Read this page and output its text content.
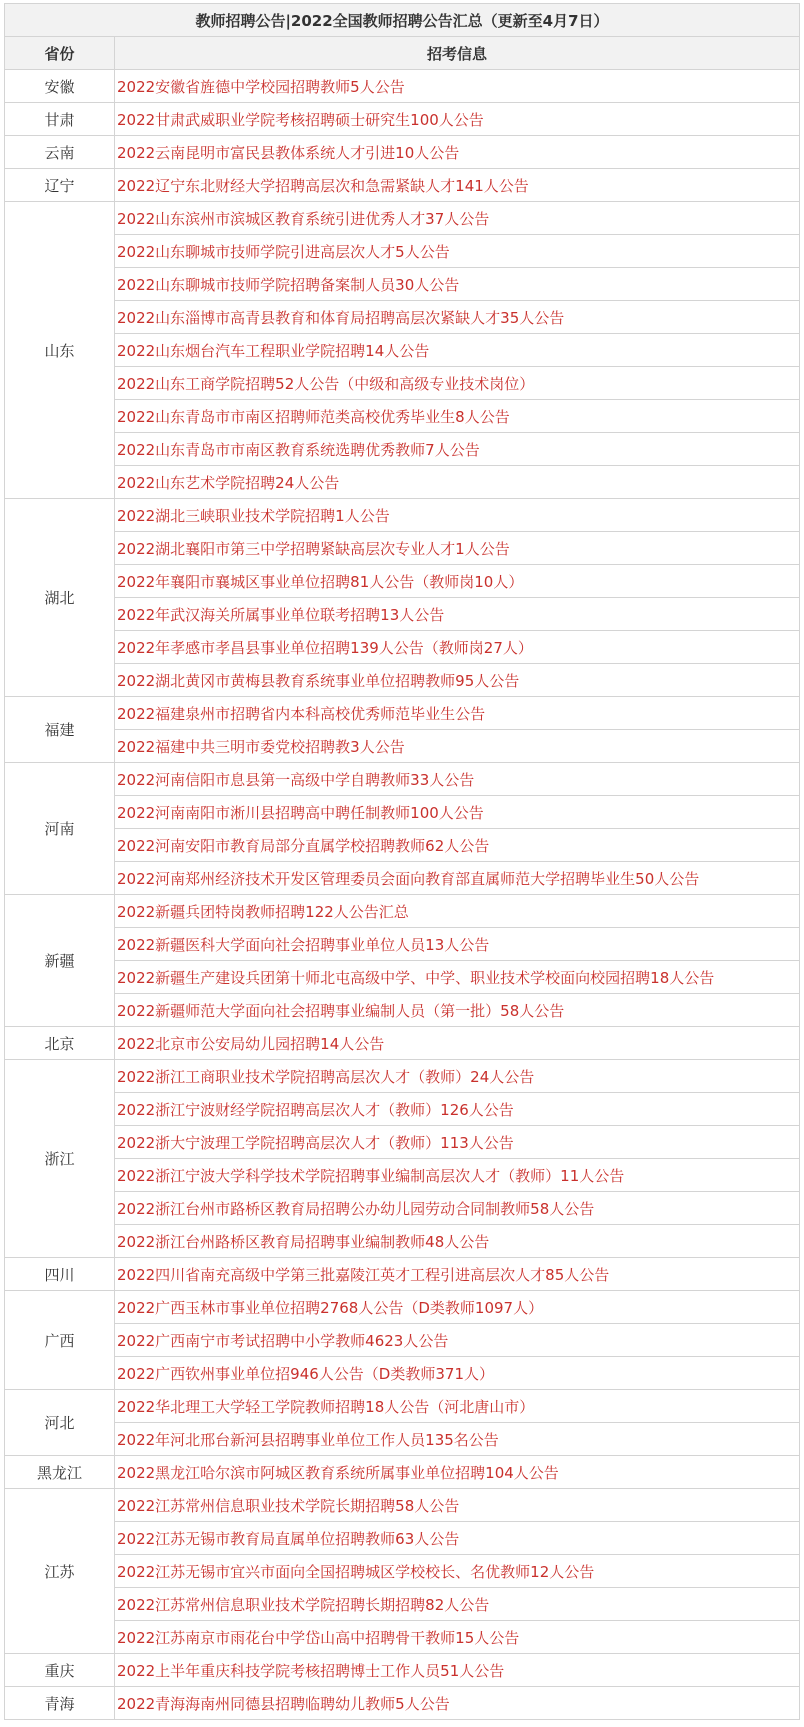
教师招聘公告|2022全国教师招聘公告汇总（更新至4月7日）	
省份	招考信息
安徽	2022安徽省旌德中学校园招聘教师5人公告
甘肃	2022甘肃武威职业学院考核招聘硕士研究生100人公告
云南	2022云南昆明市富民县教体系统人才引进10人公告
辽宁	2022辽宁东北财经大学招聘高层次和急需紧缺人才141人公告
山东	2022山东滨州市滨城区教育系统引进优秀人才37人公告
	2022山东聊城市技师学院引进高层次人才5人公告
	2022山东聊城市技师学院招聘备案制人员30人公告
	2022山东淄博市高青县教育和体育局招聘高层次紧缺人才35人公告
	2022山东烟台汽车工程职业学院招聘14人公告
	2022山东工商学院招聘52人公告（中级和高级专业技术岗位）
	2022山东青岛市市南区招聘师范类高校优秀毕业生8人公告
	2022山东青岛市市南区教育系统选聘优秀教师7人公告
	2022山东艺术学院招聘24人公告
湖北	2022湖北三峡职业技术学院招聘1人公告
	2022湖北襄阳市第三中学招聘紧缺高层次专业人才1人公告
	2022年襄阳市襄城区事业单位招聘81人公告（教师岗10人）
	2022年武汉海关所属事业单位联考招聘13人公告
	2022年孝感市孝昌县事业单位招聘139人公告（教师岗27人）
	2022湖北黄冈市黄梅县教育系统事业单位招聘教师95人公告
福建	2022福建泉州市招聘省内本科高校优秀师范毕业生公告
	2022福建中共三明市委党校招聘教3人公告
河南	2022河南信阳市息县第一高级中学自聘教师33人公告
	2022河南南阳市淅川县招聘高中聘任制教师100人公告
	2022河南安阳市教育局部分直属学校招聘教师62人公告
	2022河南郑州经济技术开发区管理委员会面向教育部直属师范大学招聘毕业生50人公告
新疆	2022新疆兵团特岗教师招聘122人公告汇总
	2022新疆医科大学面向社会招聘事业单位人员13人公告
	2022新疆生产建设兵团第十师北屯高级中学、中学、职业技术学校面向校园招聘18人公告
	2022新疆师范大学面向社会招聘事业编制人员（第一批）58人公告
北京	2022北京市公安局幼儿园招聘14人公告
浙江	2022浙江工商职业技术学院招聘高层次人才（教师）24人公告
	2022浙江宁波财经学院招聘高层次人才（教师）126人公告
	2022浙大宁波理工学院招聘高层次人才（教师）113人公告
	2022浙江宁波大学科学技术学院招聘事业编制高层次人才（教师）11人公告
	2022浙江台州市路桥区教育局招聘公办幼儿园劳动合同制教师58人公告
	2022浙江台州路桥区教育局招聘事业编制教师48人公告
四川	2022四川省南充高级中学第三批嘉陵江英才工程引进高层次人才85人公告
广西	2022广西玉林市事业单位招聘2768人公告（D类教师1097人）
	2022广西南宁市考试招聘中小学教师4623人公告
	2022广西钦州事业单位招946人公告（D类教师371人）
河北	2022华北理工大学轻工学院教师招聘18人公告（河北唐山市）
	2022年河北邢台新河县招聘事业单位工作人员135名公告
黑龙江	2022黑龙江哈尔滨市阿城区教育系统所属事业单位招聘104人公告
江苏	2022江苏常州信息职业技术学院长期招聘58人公告
	2022江苏无锡市教育局直属单位招聘教师63人公告
	2022江苏无锡市宜兴市面向全国招聘城区学校校长、名优教师12人公告
	2022江苏常州信息职业技术学院招聘长期招聘82人公告
	2022江苏南京市雨花台中学岱山高中招聘骨干教师15人公告
重庆	2022上半年重庆科技学院考核招聘博士工作人员51人公告
青海	2022青海海南州同德县招聘临聘幼儿教师5人公告
